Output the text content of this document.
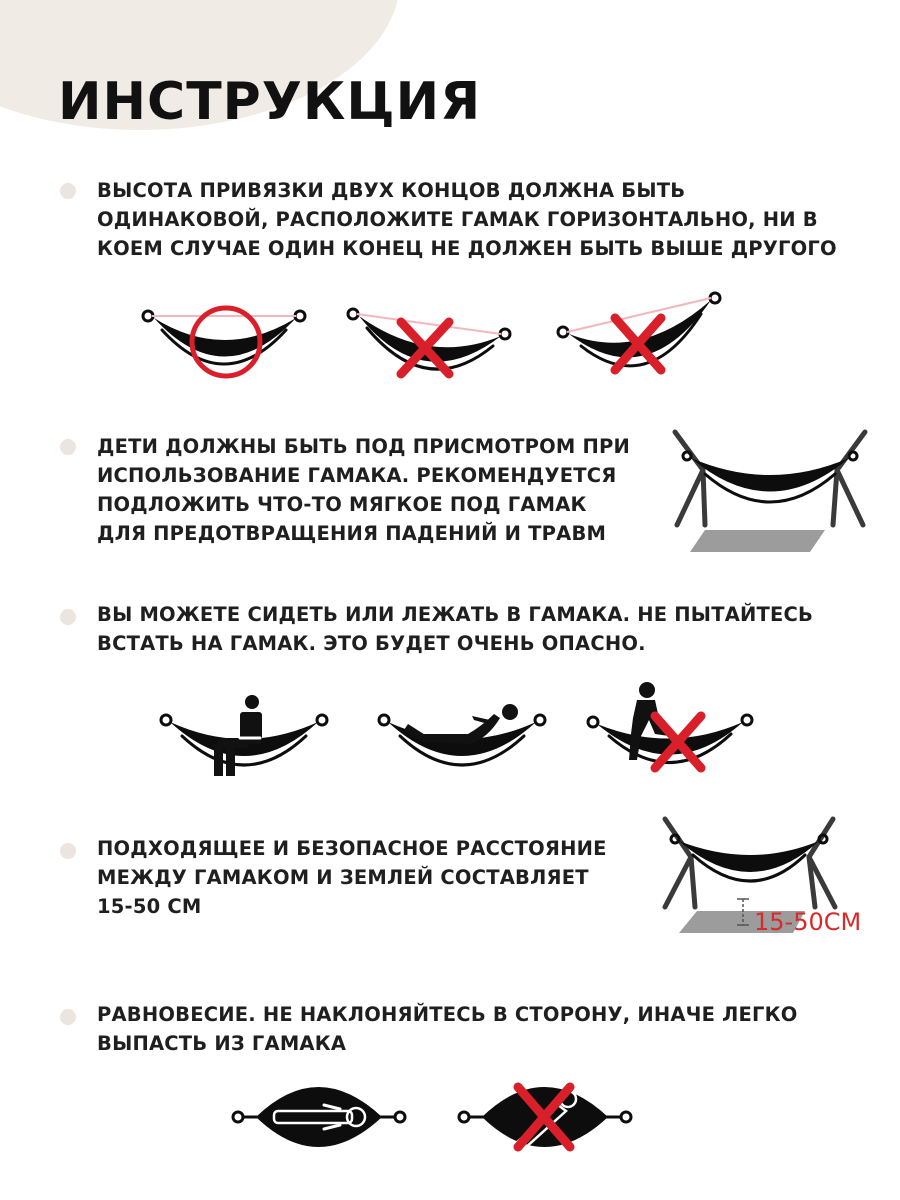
ИНСТРУКЦИЯ

ВЫСОТА ПРИВЯЗКИ ДВУХ КОНЦОВ ДОЛЖНА БЫТЬ
ОДИНАКОВОЙ, РАСПОЛОЖИТЕ ГАМАК ГОРИЗОНТАЛЬНО, НИ В
КОЕМ СЛУЧАЕ ОДИН КОНЕЦ НЕ ДОЛЖЕН БЫТЬ ВЫШЕ ДРУГОГО

ДЕТИ ДОЛЖНЫ БЫТЬ ПОД ПРИСМОТРОМ ПРИ
ИСПОЛЬЗОВАНИЕ ГАМАКА. РЕКОМЕНДУЕТСЯ
ПОДЛОЖИТЬ ЧТО-ТО МЯГКОЕ ПОД ГАМАК
ДЛЯ ПРЕДОТВРАЩЕНИЯ ПАДЕНИЙ И ТРАВМ

ВЫ МОЖЕТЕ СИДЕТЬ ИЛИ ЛЕЖАТЬ В ГАМАКА. НЕ ПЫТАЙТЕСЬ
ВСТАТЬ НА ГАМАК. ЭТО БУДЕТ ОЧЕНЬ ОПАСНО.

ПОДХОДЯЩЕЕ И БЕЗОПАСНОЕ РАССТОЯНИЕ
МЕЖДУ ГАМАКОМ И ЗЕМЛЕЙ СОСТАВЛЯЕТ
15-50 СМ

15-50CM

РАВНОВЕСИЕ. НЕ НАКЛОНЯЙТЕСЬ В СТОРОНУ, ИНАЧЕ ЛЕГКО
ВЫПАСТЬ ИЗ ГАМАКА
